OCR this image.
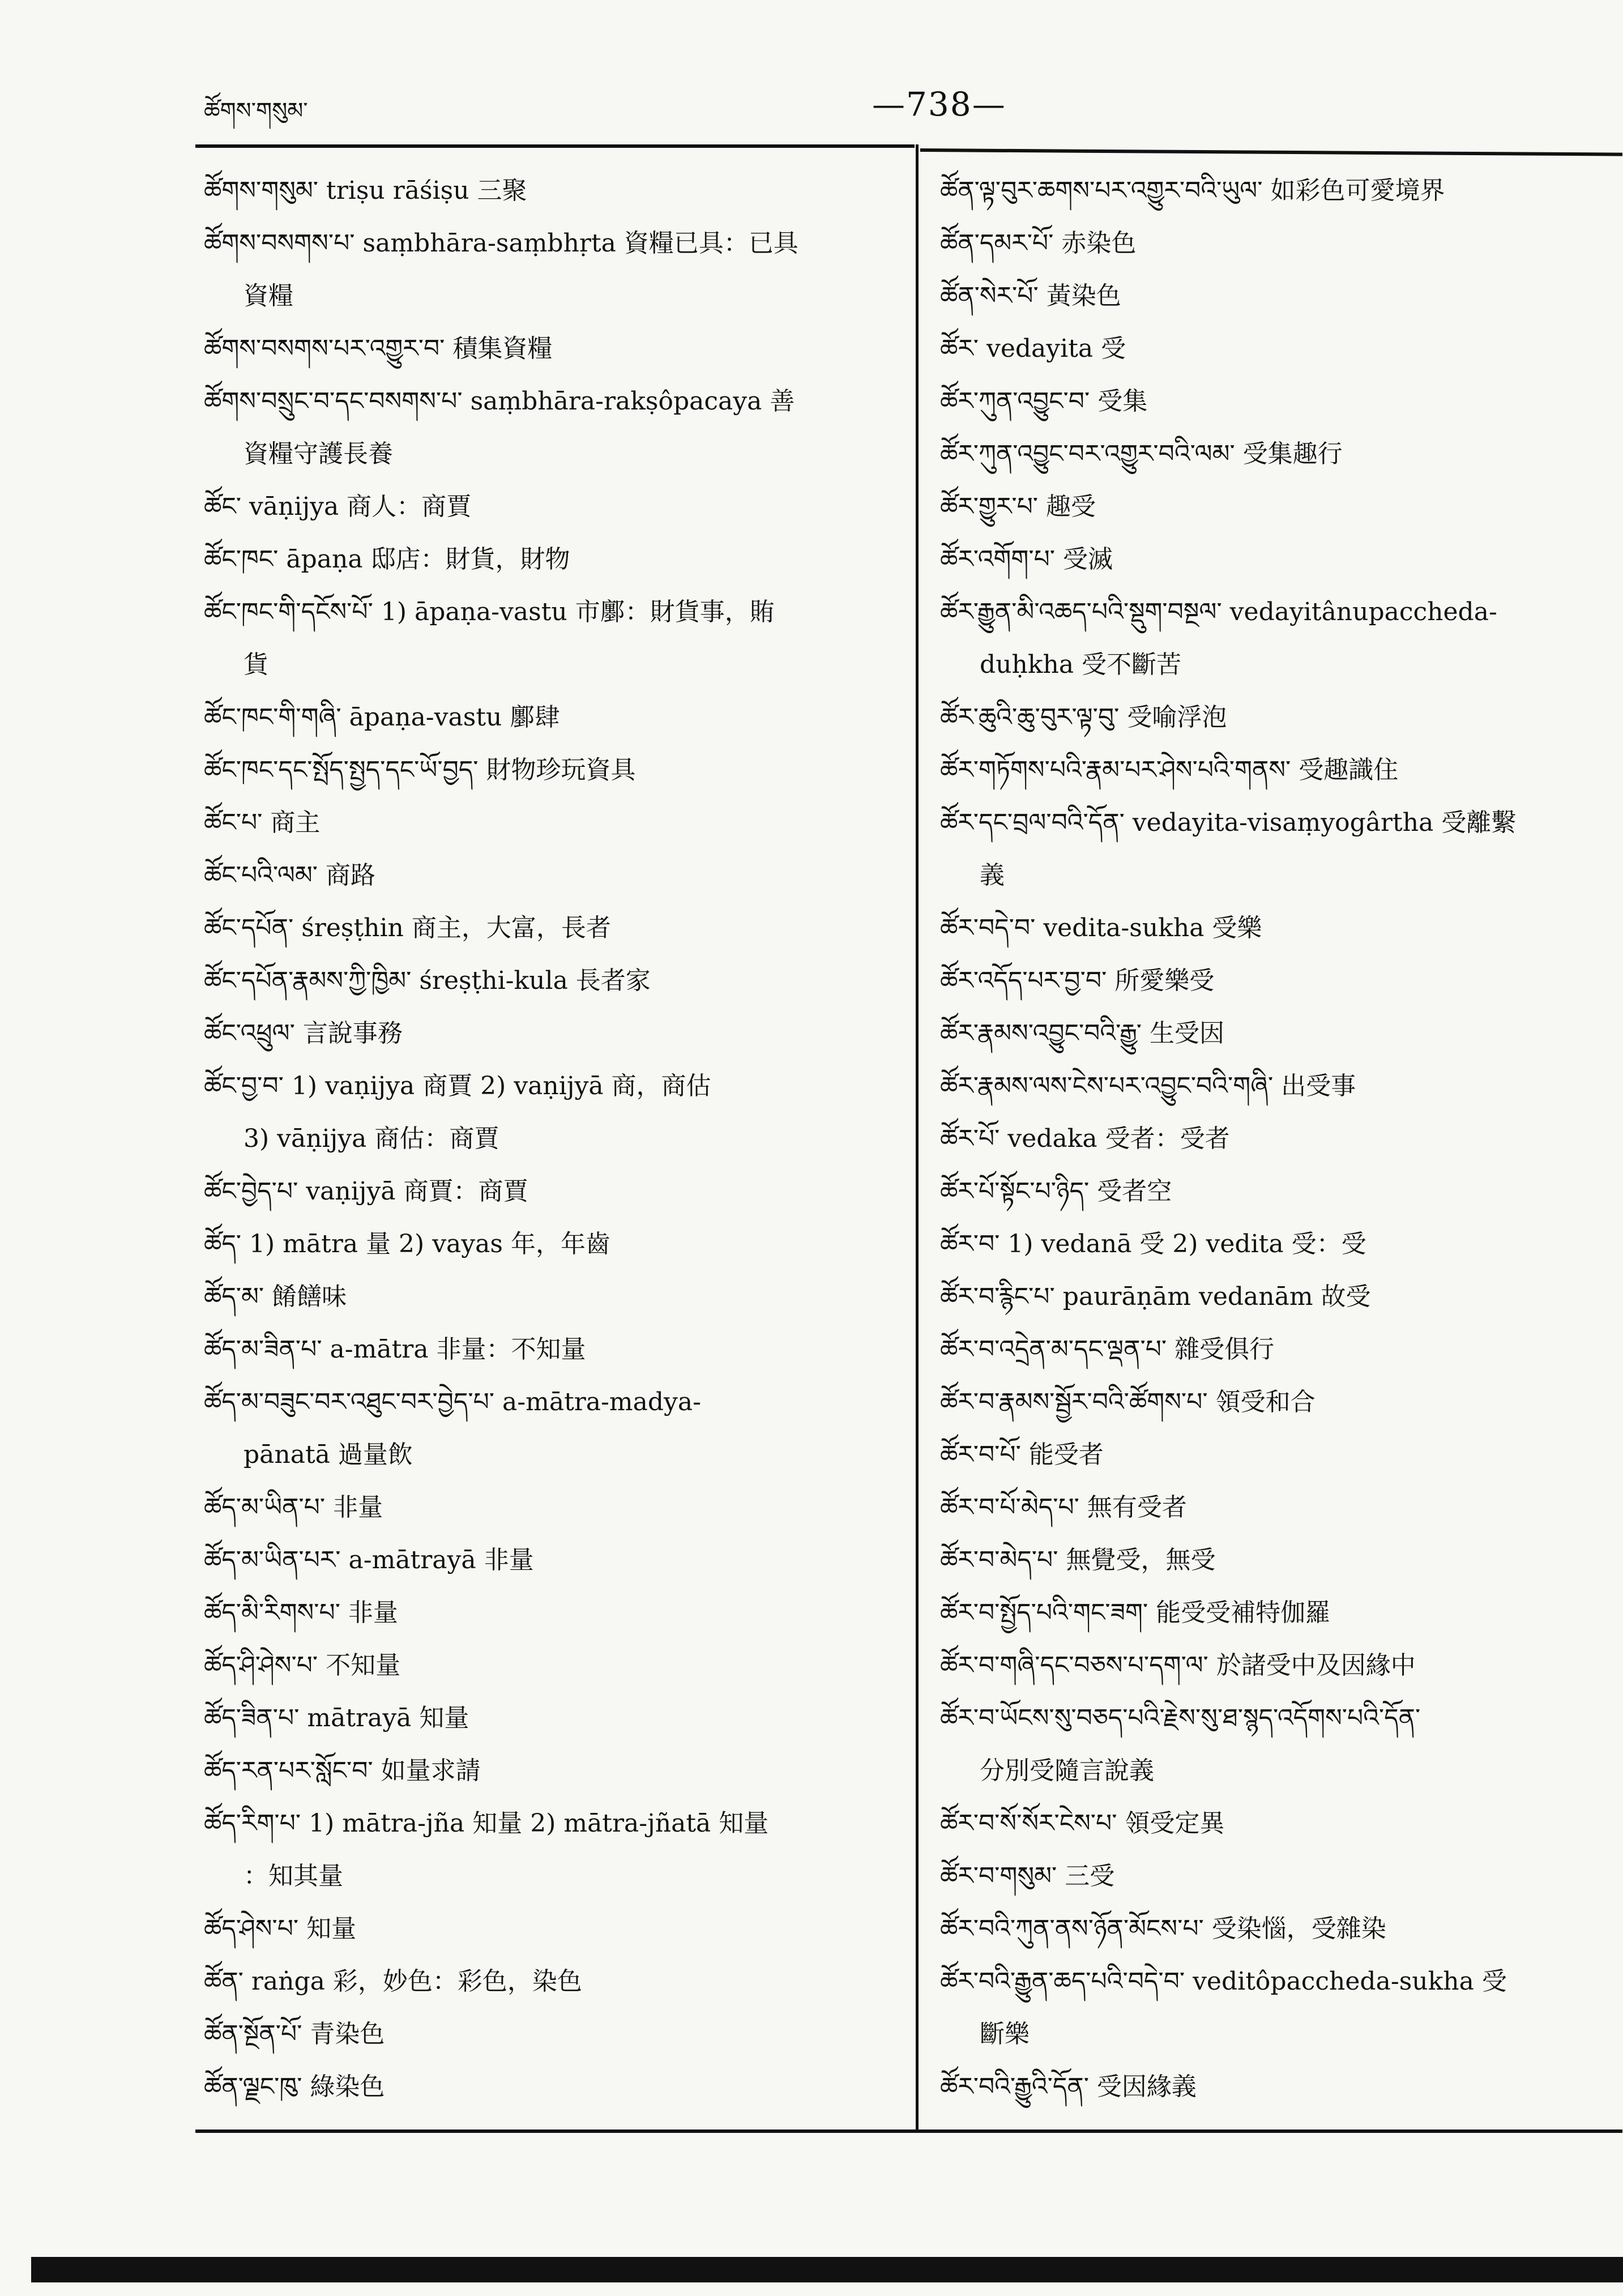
ཚོགས་གསུམ་	—738—
ཚོགས་གསུམ་ triṣu rāśiṣu 三聚
ཚོགས་བསགས་པ་ saṃbhāra-saṃbhṛta 資糧已具：已具
資糧
ཚོགས་བསགས་པར་འགྱུར་བ་ 積集資糧
ཚོགས་བསྲུང་བ་དང་བསགས་པ་ saṃbhāra-rakṣôpacaya 善
資糧守護長養
ཚོང་ vāṇijya 商人：商賈
ཚོང་ཁང་ āpaṇa 邸店：財貨，財物
ཚོང་ཁང་གི་དངོས་པོ་ 1) āpaṇa-vastu 市鄽：財貨事，賄
貨
ཚོང་ཁང་གི་གཞི་ āpaṇa-vastu 鄽肆
ཚོང་ཁང་དང་སྤོད་སྤྱད་དང་ཡོ་བྱད་ 財物珍玩資具
ཚོང་པ་ 商主
ཚོང་པའི་ལམ་ 商路
ཚོང་དཔོན་ śreṣṭhin 商主，大富，長者
ཚོང་དཔོན་རྣམས་ཀྱི་ཁྱིམ་ śreṣṭhi-kula 長者家
ཚོང་འཕྲུལ་ 言說事務
ཚོང་བྱ་བ་ 1) vaṇijya 商賈 2) vaṇijyā 商，商估
3) vāṇijya 商估：商賈
ཚོང་བྱེད་པ་ vaṇijyā 商賈：商賈
ཚོད་ 1) mātra 量 2) vayas 年，年齒
ཚོད་མ་ 餚饍味
ཚོད་མ་ཟིན་པ་ a-mātra 非量：不知量
ཚོད་མ་བཟུང་བར་འཐུང་བར་བྱེད་པ་ a-mātra-madya-
pānatā 過量飲
ཚོད་མ་ཡིན་པ་ 非量
ཚོད་མ་ཡིན་པར་ a-mātrayā 非量
ཚོད་མི་རིགས་པ་ 非量
ཚོད་ཤི་ཤེས་པ་ 不知量
ཚོད་ཟིན་པ་ mātrayā 知量
ཚོད་རན་པར་སློང་བ་ 如量求請
ཚོད་རིག་པ་ 1) mātra-jña 知量 2) mātra-jñatā 知量
：知其量
ཚོད་ཤེས་པ་ 知量
ཚོན་ raṅga 彩，妙色：彩色，染色
ཚོན་སྔོན་པོ་ 青染色
ཚོན་ལྗང་ཁུ་ 綠染色
ཚོན་ལྟ་བུར་ཆགས་པར་འགྱུར་བའི་ཡུལ་ 如彩色可愛境界
ཚོན་དམར་པོ་ 赤染色
ཚོན་སེར་པོ་ 黃染色
ཚོར་ vedayita 受
ཚོར་ཀུན་འབྱུང་བ་ 受集
ཚོར་ཀུན་འབྱུང་བར་འགྱུར་བའི་ལམ་ 受集趣行
ཚོར་གྱུར་པ་ 趣受
ཚོར་འགོག་པ་ 受滅
ཚོར་རྒྱུན་མི་འཆད་པའི་སྡུག་བསྔལ་ vedayitânupaccheda-
duḥkha 受不斷苦
ཚོར་ཆུའི་ཆུ་བུར་ལྟ་བུ་ 受喻浮泡
ཚོར་གཏོགས་པའི་རྣམ་པར་ཤེས་པའི་གནས་ 受趣識住
ཚོར་དང་བྲལ་བའི་དོན་ vedayita-visaṃyogârtha 受離繫
義
ཚོར་བདེ་བ་ vedita-sukha 受樂
ཚོར་འདོད་པར་བྱ་བ་ 所愛樂受
ཚོར་རྣམས་འབྱུང་བའི་རྒྱུ་ 生受因
ཚོར་རྣམས་ལས་ངེས་པར་འབྱུང་བའི་གཞི་ 出受事
ཚོར་པོ་ vedaka 受者：受者
ཚོར་པོ་སྟོང་པ་ཉིད་ 受者空
ཚོར་བ་ 1) vedanā 受 2) vedita 受：受
ཚོར་བ་རྙིང་པ་ paurāṇām vedanām 故受
ཚོར་བ་འདྲེན་མ་དང་ལྡན་པ་ 雜受俱行
ཚོར་བ་རྣམས་སྦྱོར་བའི་ཚོགས་པ་ 領受和合
ཚོར་བ་པོ་ 能受者
ཚོར་བ་པོ་མེད་པ་ 無有受者
ཚོར་བ་མེད་པ་ 無覺受，無受
ཚོར་བ་སྤྱོད་པའི་གང་ཟག་ 能受受補特伽羅
ཚོར་བ་གཞི་དང་བཅས་པ་དག་ལ་ 於諸受中及因緣中
ཚོར་བ་ཡོངས་སུ་བཅད་པའི་རྗེས་སུ་ཐ་སྙད་འདོགས་པའི་དོན་
分別受隨言說義
ཚོར་བ་སོ་སོར་ངེས་པ་ 領受定異
ཚོར་བ་གསུམ་ 三受
ཚོར་བའི་ཀུན་ནས་ཉོན་མོངས་པ་ 受染惱，受雜染
ཚོར་བའི་རྒྱུན་ཆད་པའི་བདེ་བ་ veditôpaccheda-sukha 受
斷樂
ཚོར་བའི་རྒྱུའི་དོན་ 受因緣義
